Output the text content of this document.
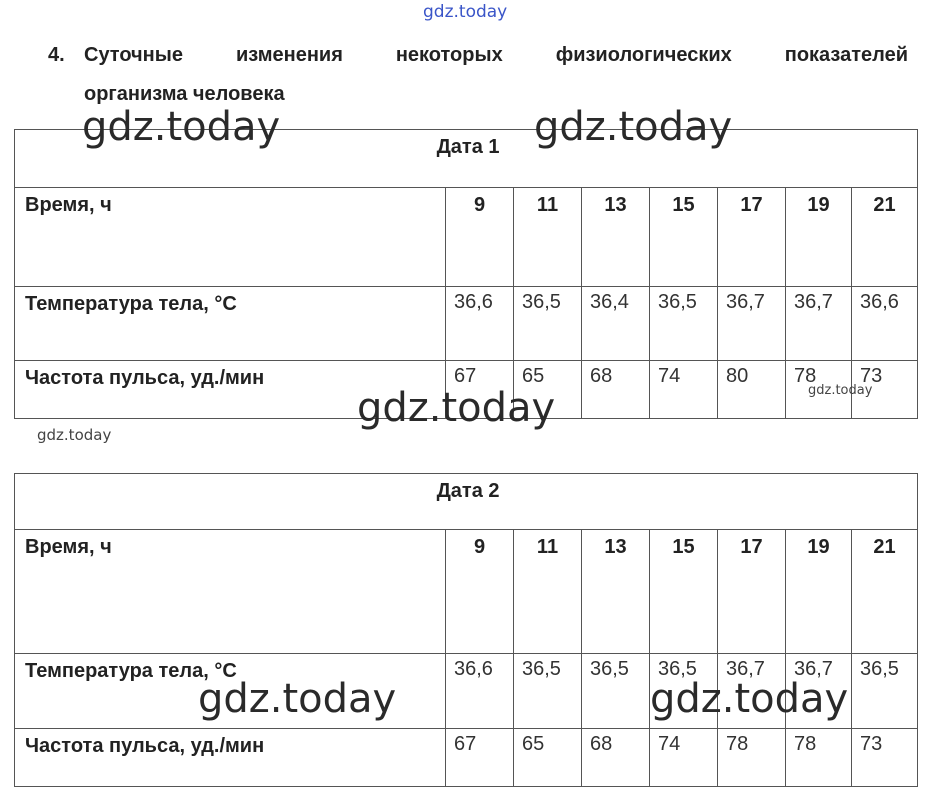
gdz.today
4. Суточные изменения некоторых физиологических показателей
организма человека
Дата 1							
Время, ч	9	11	13	15	17	19	21
Температура тела, °С	36,6	36,5	36,4	36,5	36,7	36,7	36,6
Частота пульса, уд./мин	67	65	68	74	80	78	73
Дата 2							
Время, ч	9	11	13	15	17	19	21
Температура тела, °С	36,6	36,5	36,5	36,5	36,7	36,7	36,5
Частота пульса, уд./мин	67	65	68	74	78	78	73
gdz.today	gdz.today
gdz.today	gdz.today
gdz.today
gdz.today	gdz.today
